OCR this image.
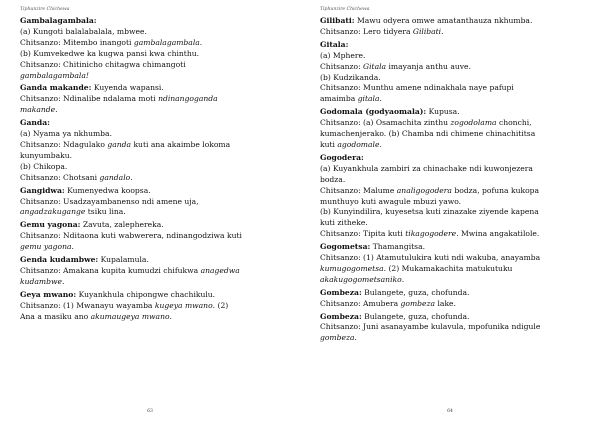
Tiphunzire Chichewa
Gambalagambala:
(a) Kungoti balalabalala, mbwee.
Chitsanzo: Mitembo inangoti gambalagambala.
(b) Kumvekedwe ka kugwa pansi kwa chinthu.
Chitsanzo: Chitinicho chitagwa chimangoti
gambalagambala!
Ganda makande: Kuyenda wapansi.
Chitsanzo: Ndinalibe ndalama moti ndinangoganda
makande.
Ganda:
(a) Nyama ya nkhumba.
Chitsanzo: Ndagulako ganda kuti ana akaimbe lokoma
kunyumbaku.
(b) Chikopa.
Chitsanzo: Chotsani gandalo.
Gangidwa: Kumenyedwa koopsa.
Chitsanzo: Usadzayambanenso ndi amene uja,
angadzakugange tsiku lina.
Gemu yagona: Zavuta, zalephereka.
Chitsanzo: Nditaona kuti wabwerera, ndinangodziwa kuti
gemu yagona.
Genda kudambwe: Kupalamula.
Chitsanzo: Amakana kupita kumudzi chifukwa anagedwa
kudambwe.
Geya mwano: Kuyankhula chipongwe chachikulu.
Chitsanzo: (1) Mwanayu wayamba kugeya mwano. (2)
Ana a masiku ano akumaugeya mwano.
63
Tiphunzire Chichewa
Gilibati: Mawu odyera omwe amatanthauza nkhumba.
Chitsanzo: Lero tidyera Gilibati.
Gitala:
(a) Mphere.
Chitsanzo: Gitala imayanja anthu auve.
(b) Kudzikanda.
Chitsanzo: Munthu amene ndinakhala naye pafupi
amaimba gitala.
Godomala (godyaomala): Kupusa.
Chitsanzo: (a) Osamachita zinthu zogodolama chonchi,
kumachenjerako. (b) Chamba ndi chimene chinachititsa
kuti agodomale.
Gogodera:
(a) Kuyankhula zambiri za chinachake ndi kuwonjezera
bodza.
Chitsanzo: Malume analigogodera bodza, pofuna kukopa
munthuyo kuti awagule mbuzi yawo.
(b) Kunyindilira, kuyesetsa kuti zinazake ziyende kapena
kuti zitheke.
Chitsanzo: Tipita kuti tikagogodere. Mwina angakatilole.
Gogometsa: Thamangitsa.
Chitsanzo: (1) Atamutulukira kuti ndi wakuba, anayamba
kumugogometsa. (2) Mukamakachita matukutuku
akakugogometsaniko.
Gombeza: Bulangete, guza, chofunda.
Chitsanzo: Amubera gombeza lake.
Gombeza: Bulangete, guza, chofunda.
Chitsanzo: Juni asanayambe kulavula, mpofunika ndigule
gombeza.
64
